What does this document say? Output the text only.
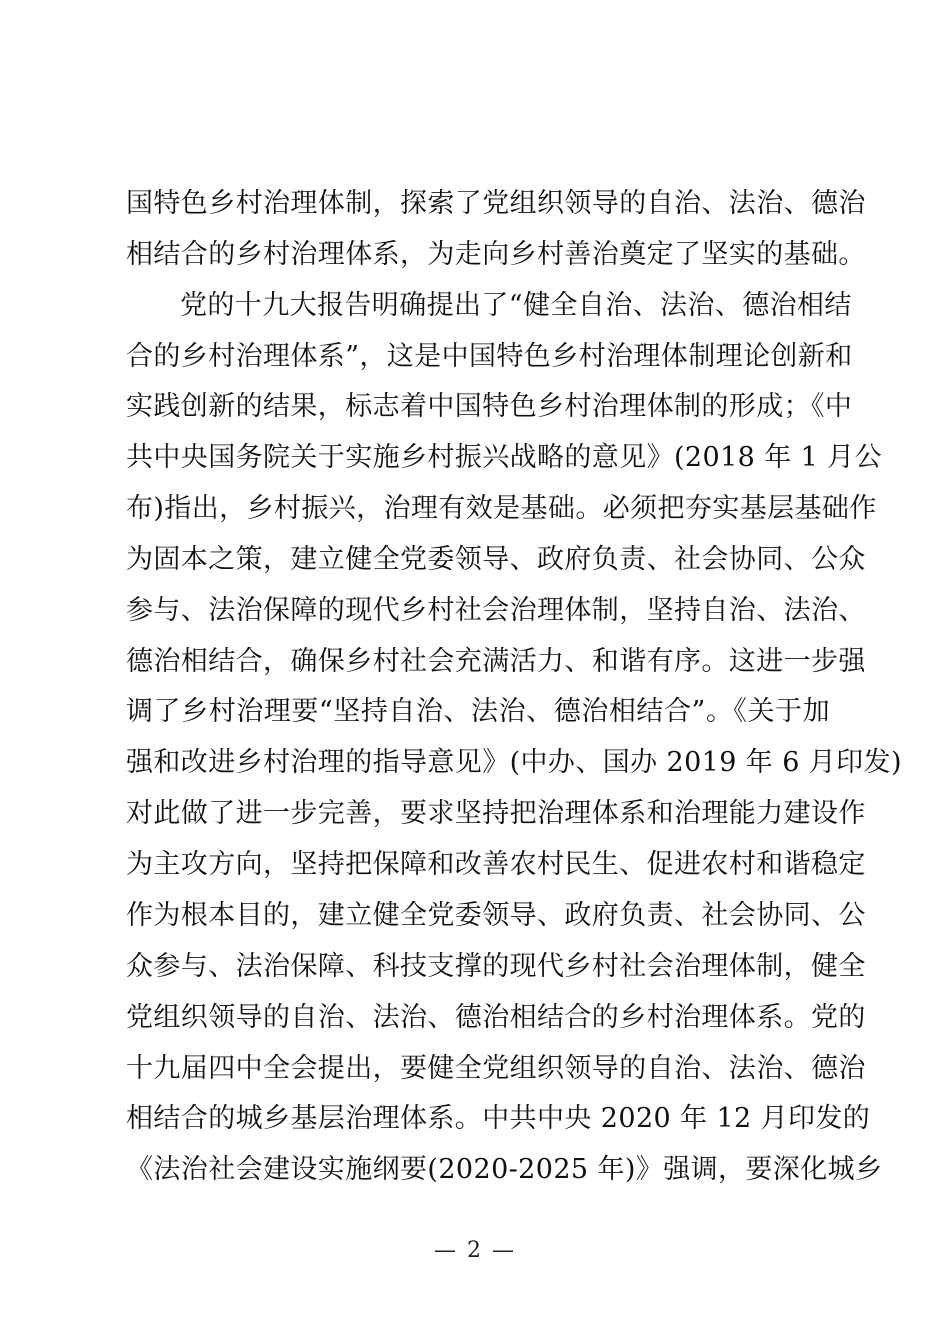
国特色乡村治理体制，探索了党组织领导的自治、法治、德治
相结合的乡村治理体系，为走向乡村善治奠定了坚实的基础。
党的十九大报告明确提出了“健全自治、法治、德治相结
合的乡村治理体系”，这是中国特色乡村治理体制理论创新和
实践创新的结果，标志着中国特色乡村治理体制的形成；《中
共中央国务院关于实施乡村振兴战略的意见》(2018 年 1 月公
布)指出，乡村振兴，治理有效是基础。必须把夯实基层基础作
为固本之策，建立健全党委领导、政府负责、社会协同、公众
参与、法治保障的现代乡村社会治理体制，坚持自治、法治、
德治相结合，确保乡村社会充满活力、和谐有序。这进一步强
调了乡村治理要“坚持自治、法治、德治相结合”。《关于加
强和改进乡村治理的指导意见》(中办、国办 2019 年 6 月印发)
对此做了进一步完善，要求坚持把治理体系和治理能力建设作
为主攻方向，坚持把保障和改善农村民生、促进农村和谐稳定
作为根本目的，建立健全党委领导、政府负责、社会协同、公
众参与、法治保障、科技支撑的现代乡村社会治理体制，健全
党组织领导的自治、法治、德治相结合的乡村治理体系。党的
十九届四中全会提出，要健全党组织领导的自治、法治、德治
相结合的城乡基层治理体系。中共中央 2020 年 12 月印发的
《法治社会建设实施纲要(2020-2025 年)》强调，要深化城乡
— 2 —
